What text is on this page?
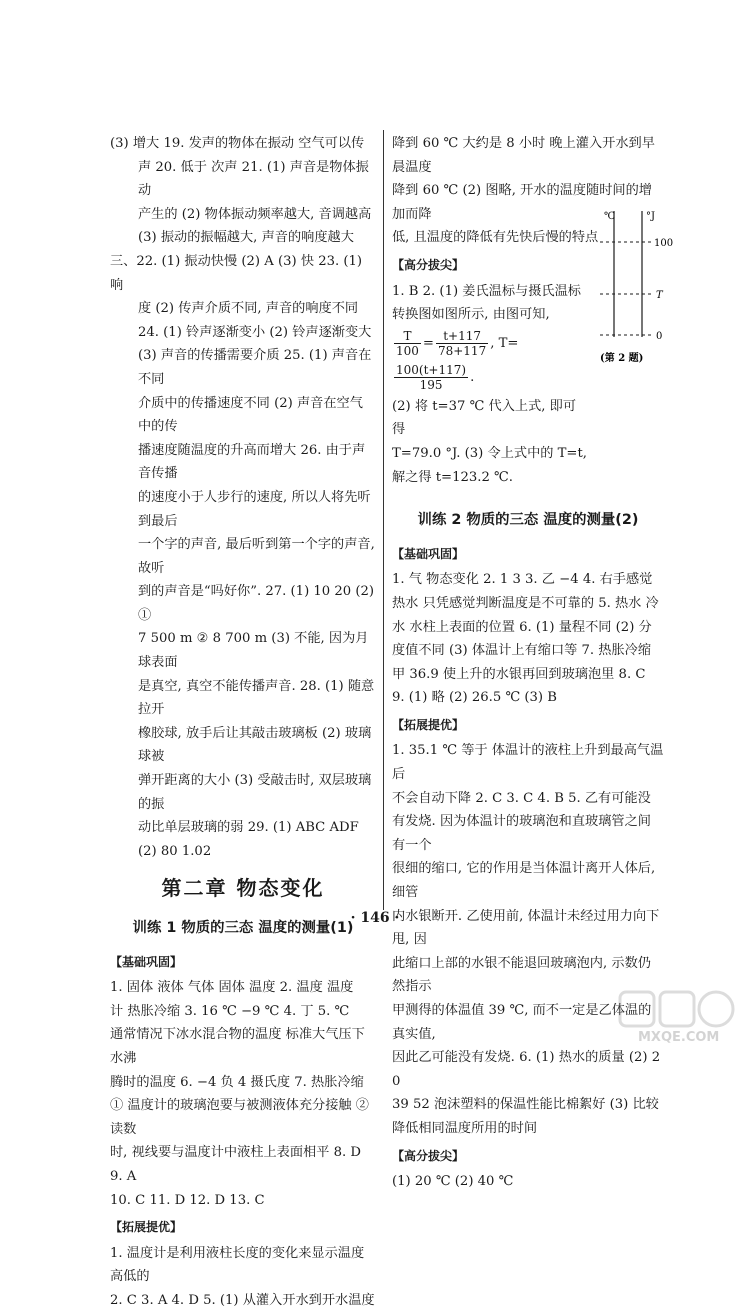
(3) 增大 19. 发声的物体在振动 空气可以传

声 20. 低于 次声 21. (1) 声音是物体振动

产生的 (2) 物体振动频率越大, 音调越高

(3) 振动的振幅越大, 声音的响度越大

三、22. (1) 振动快慢 (2) A (3) 快 23. (1) 响

度 (2) 传声介质不同, 声音的响度不同

24. (1) 铃声逐渐变小 (2) 铃声逐渐变大

(3) 声音的传播需要介质 25. (1) 声音在不同

介质中的传播速度不同 (2) 声音在空气中的传

播速度随温度的升高而增大 26. 由于声音传播

的速度小于人步行的速度, 所以人将先听到最后

一个字的声音, 最后听到第一个字的声音, 故听

到的声音是“吗好你”. 27. (1) 10 20 (2) ①

7 500 m ② 8 700 m (3) 不能, 因为月球表面

是真空, 真空不能传播声音. 28. (1) 随意拉开

橡胶球, 放手后让其敲击玻璃板 (2) 玻璃球被

弹开距离的大小 (3) 受敲击时, 双层玻璃的振

动比单层玻璃的弱 29. (1) ABC ADF

(2) 80 1.02

第二章 物态变化
训练 1 物质的三态 温度的测量(1)
【基础巩固】

1. 固体 液体 气体 固体 温度 2. 温度 温度

计 热胀冷缩 3. 16 ℃ −9 ℃ 4. 丁 5. ℃

通常情况下冰水混合物的温度 标准大气压下水沸

腾时的温度 6. −4 负 4 摄氏度 7. 热胀冷缩

① 温度计的玻璃泡要与被测液体充分接触 ② 读数

时, 视线要与温度计中液柱上表面相平 8. D 9. A

10. C 11. D 12. D 13. C

【拓展提优】

1. 温度计是利用液柱长度的变化来显示温度高低的

2. C 3. A 4. D 5. (1) 从灌入开水到开水温度

降到 60 ℃ 大约是 8 小时 晚上灌入开水到早晨温度

降到 60 ℃ (2) 图略, 开水的温度随时间的增加而降

低, 且温度的降低有先快后慢的特点

【高分拔尖】

1. B 2. (1) 姜氏温标与摄氏温标

转换图如图所示, 由图可知,

$\frac{T}{100} = \frac{t+117}{78+117}$ , T=
$\frac{100(t+117)}{195}$ .

(2) 将 t=37 ℃ 代入上式, 即可得

T=79.0 °J. (3) 令上式中的 T=t,

解之得 t=123.2 ℃.

训练 2 物质的三态 温度的测量(2)
【基础巩固】

1. 气 物态变化 2. 1 3 3. 乙 −4 4. 右手感觉

热水 只凭感觉判断温度是不可靠的 5. 热水 冷

水 水柱上表面的位置 6. (1) 量程不同 (2) 分

度值不同 (3) 体温计上有缩口等 7. 热胀冷缩

甲 36.9 使上升的水银再回到玻璃泡里 8. C

9. (1) 略 (2) 26.5 ℃ (3) B

【拓展提优】

1. 35.1 ℃ 等于 体温计的液柱上升到最高气温后

不会自动下降 2. C 3. C 4. B 5. 乙有可能没

有发烧. 因为体温计的玻璃泡和直玻璃管之间有一个

很细的缩口, 它的作用是当体温计离开人体后, 细管

内水银断开. 乙使用前, 体温计未经过用力向下甩, 因

此缩口上部的水银不能退回玻璃泡内, 示数仍然指示

甲测得的体温值 39 ℃, 而不一定是乙体温的真实值,

因此乙可能没有发烧. 6. (1) 热水的质量 (2) 20

39 52 泡沫塑料的保温性能比棉絮好 (3) 比较

降低相同温度所用的时间

【高分拔尖】

(1) 20 ℃ (2) 40 ℃

℃	°J
100
T
0
(第 2 题)
· 146 ·
MXQE.COM
